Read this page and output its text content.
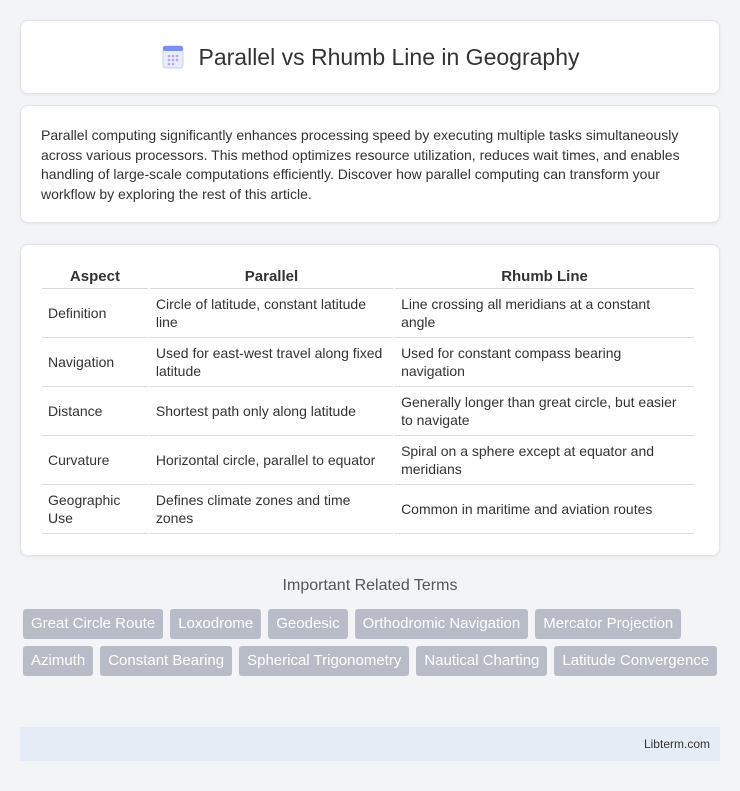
Parallel vs Rhumb Line in Geography

Parallel computing significantly enhances processing speed by executing multiple tasks simultaneously across various processors. This method optimizes resource utilization, reduces wait times, and enables handling of large-scale computations efficiently. Discover how parallel computing can transform your workflow by exploring the rest of this article.

Aspect	Parallel	Rhumb Line
Definition	Circle of latitude, constant latitude line	Line crossing all meridians at a constant angle
Navigation	Used for east-west travel along fixed latitude	Used for constant compass bearing navigation
Distance	Shortest path only along latitude	Generally longer than great circle, but easier to navigate
Curvature	Horizontal circle, parallel to equator	Spiral on a sphere except at equator and meridians
Geographic Use	Defines climate zones and time zones	Common in maritime and aviation routes
Important Related Terms
Great Circle Route	Loxodrome	Geodesic	Orthodromic Navigation	Mercator Projection
Azimuth	Constant Bearing	Spherical Trigonometry	Nautical Charting	Latitude Convergence
Libterm.com
